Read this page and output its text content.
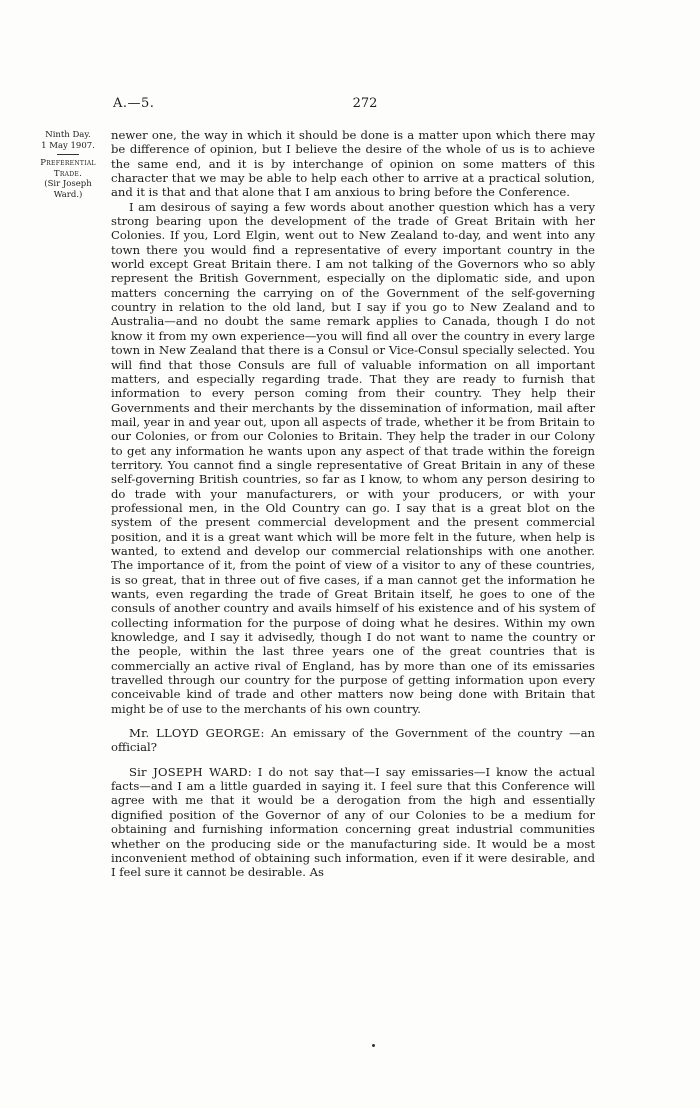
A.—5.	272
Ninth Day.
1 May 1907.
Preferential Trade.
(Sir Joseph Ward.)

newer one, the way in which it should be done is a matter upon which there may be difference of opinion, but I believe the desire of the whole of us is to achieve the same end, and it is by interchange of opinion on some matters of this character that we may be able to help each other to arrive at a practical solution, and it is that and that alone that I am anxious to bring before the Conference.

I am desirous of saying a few words about another question which has a very strong bearing upon the development of the trade of Great Britain with her Colonies. If you, Lord Elgin, went out to New Zealand to-day, and went into any town there you would find a representative of every important country in the world except Great Britain there. I am not talking of the Governors who so ably represent the British Government, especially on the diplomatic side, and upon matters concerning the carrying on of the Government of the self-governing country in relation to the old land, but I say if you go to New Zealand and to Australia—and no doubt the same remark applies to Canada, though I do not know it from my own experience—you will find all over the country in every large town in New Zealand that there is a Consul or Vice-Consul specially selected. You will find that those Consuls are full of valuable information on all important matters, and especially regarding trade. That they are ready to furnish that information to every person coming from their country. They help their Governments and their merchants by the dissemination of information, mail after mail, year in and year out, upon all aspects of trade, whether it be from Britain to our Colonies, or from our Colonies to Britain. They help the trader in our Colony to get any information he wants upon any aspect of that trade within the foreign territory. You cannot find a single representative of Great Britain in any of these self-governing British countries, so far as I know, to whom any person desiring to do trade with your manufacturers, or with your producers, or with your professional men, in the Old Country can go. I say that is a great blot on the system of the present commercial development and the present commercial position, and it is a great want which will be more felt in the future, when help is wanted, to extend and develop our commercial relationships with one another. The importance of it, from the point of view of a visitor to any of these countries, is so great, that in three out of five cases, if a man cannot get the information he wants, even regarding the trade of Great Britain itself, he goes to one of the consuls of another country and avails himself of his existence and of his system of collecting information for the purpose of doing what he desires. Within my own knowledge, and I say it advisedly, though I do not want to name the country or the people, within the last three years one of the great countries that is commercially an active rival of England, has by more than one of its emissaries travelled through our country for the purpose of getting information upon every conceivable kind of trade and other matters now being done with Britain that might be of use to the merchants of his own country.

Mr. LLOYD GEORGE: An emissary of the Government of the country —an official?

Sir JOSEPH WARD: I do not say that—I say emissaries—I know the actual facts—and I am a little guarded in saying it. I feel sure that this Conference will agree with me that it would be a derogation from the high and essentially dignified position of the Governor of any of our Colonies to be a medium for obtaining and furnishing information concerning great industrial communities whether on the producing side or the manufacturing side. It would be a most inconvenient method of obtaining such information, even if it were desirable, and I feel sure it cannot be desirable. As
